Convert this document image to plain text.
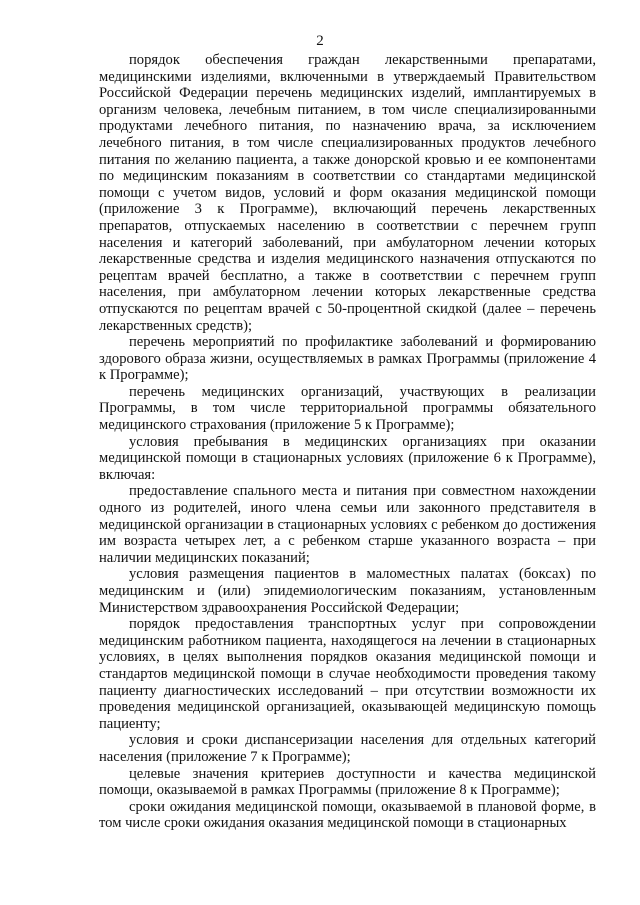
2

порядок обеспечения граждан лекарственными препаратами, медицинскими изделиями, включенными в утверждаемый Правительством Российской Федерации перечень медицинских изделий, имплантируемых в организм человека, лечебным питанием, в том числе специализированными продуктами лечебного питания, по назначению врача, за исключением лечебного питания, в том числе специализированных продуктов лечебного питания по желанию пациента, а также донорской кровью и ее компонентами по медицинским показаниям в соответствии со стандартами медицинской помощи с учетом видов, условий и форм оказания медицинской помощи (приложение 3 к Программе), включающий перечень лекарственных препаратов, отпускаемых населению в соответствии с перечнем групп населения и категорий заболеваний, при амбулаторном лечении которых лекарственные средства и изделия медицинского назначения отпускаются по рецептам врачей бесплатно, а также в соответствии с перечнем групп населения, при амбулаторном лечении которых лекарственные средства отпускаются по рецептам врачей с 50-процентной скидкой (далее – перечень лекарственных средств);

перечень мероприятий по профилактике заболеваний и формированию здорового образа жизни, осуществляемых в рамках Программы (приложение 4 к Программе);

перечень медицинских организаций, участвующих в реализации Программы, в том числе территориальной программы обязательного медицинского страхования (приложение 5 к Программе);

условия пребывания в медицинских организациях при оказании медицинской помощи в стационарных условиях (приложение 6 к Программе), включая:

предоставление спального места и питания при совместном нахождении одного из родителей, иного члена семьи или законного представителя в медицинской организации в стационарных условиях с ребенком до достижения им возраста четырех лет, а с ребенком старше указанного возраста – при наличии медицинских показаний;

условия размещения пациентов в маломестных палатах (боксах) по медицинским и (или) эпидемиологическим показаниям, установленным Министерством здравоохранения Российской Федерации;

порядок предоставления транспортных услуг при сопровождении медицинским работником пациента, находящегося на лечении в стационарных условиях, в целях выполнения порядков оказания медицинской помощи и стандартов медицинской помощи в случае необходимости проведения такому пациенту диагностических исследований – при отсутствии возможности их проведения медицинской организацией, оказывающей медицинскую помощь пациенту;

условия и сроки диспансеризации населения для отдельных категорий населения (приложение 7 к Программе);

целевые значения критериев доступности и качества медицинской помощи, оказываемой в рамках Программы (приложение 8 к Программе);

сроки ожидания медицинской помощи, оказываемой в плановой форме, в том числе сроки ожидания оказания медицинской помощи в стационарных
